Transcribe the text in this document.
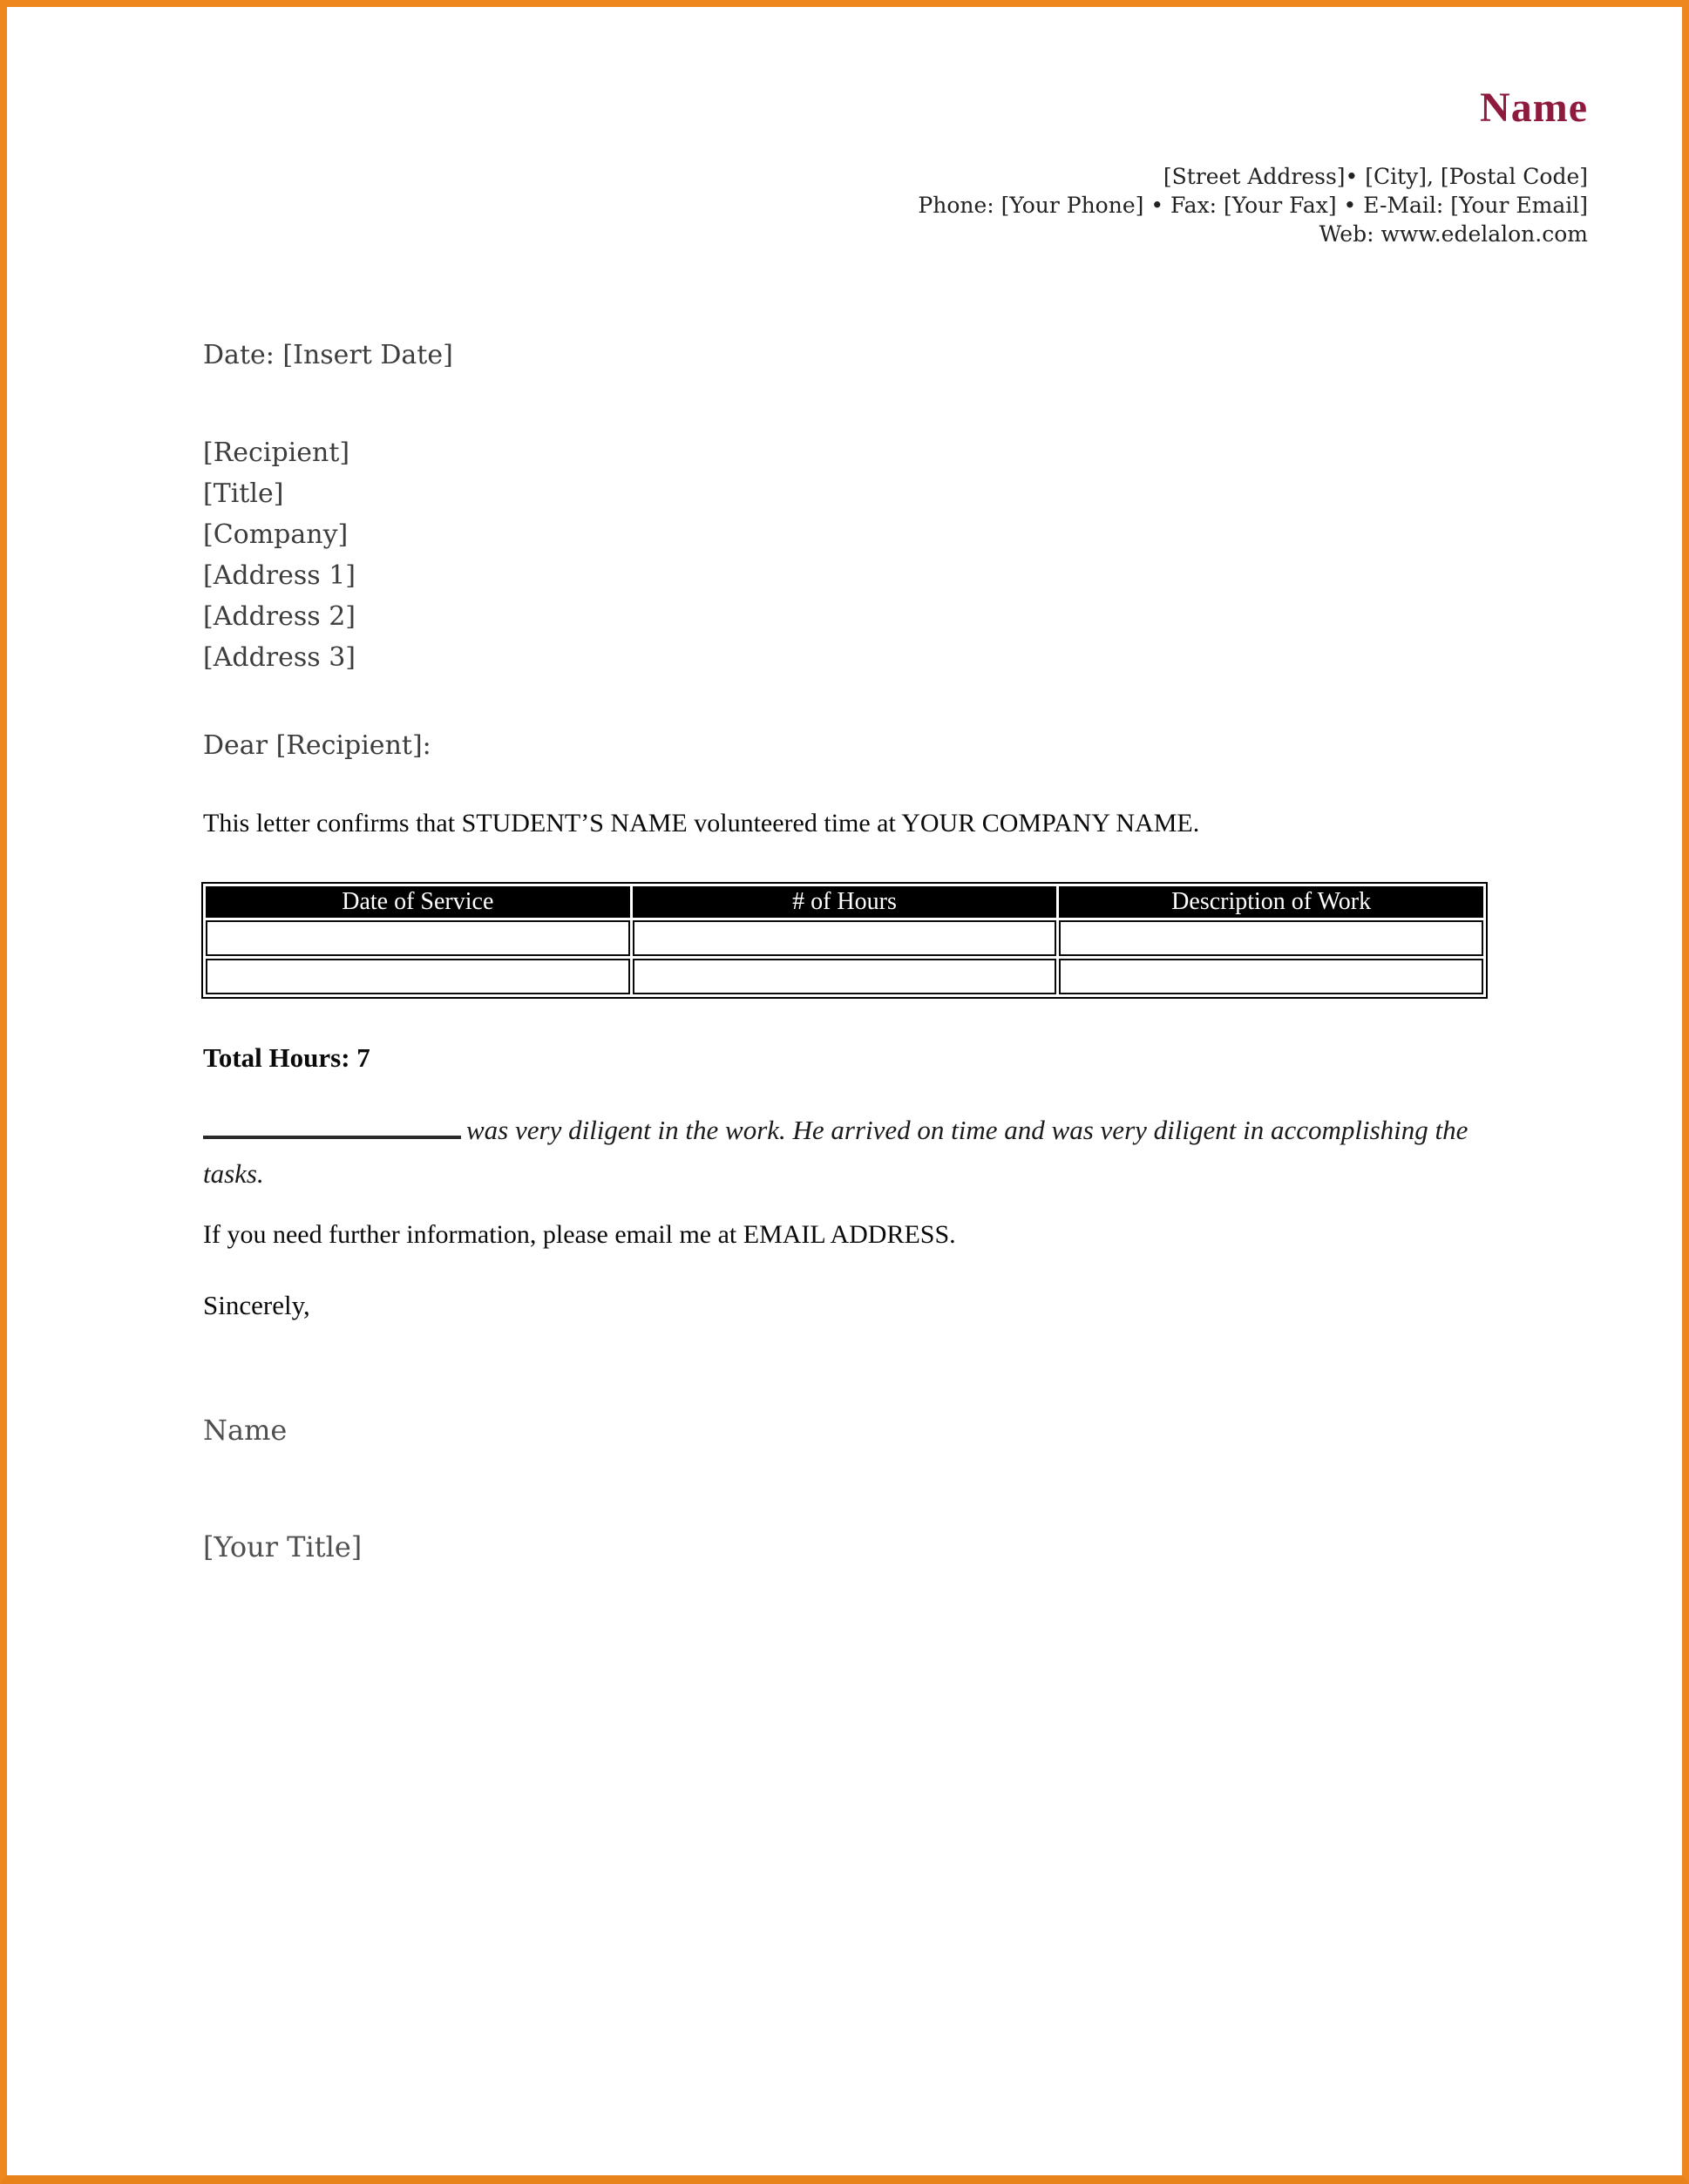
Name
[Street Address]• [City], [Postal Code]
Phone: [Your Phone] • Fax: [Your Fax] • E-Mail: [Your Email]
Web: www.edelalon.com
Date: [Insert Date]
[Recipient]
[Title]
[Company]
[Address 1]
[Address 2]
[Address 3]
Dear [Recipient]:
This letter confirms that STUDENT’S NAME volunteered time at YOUR COMPANY NAME.
Date of Service	# of Hours	Description of Work

Total Hours: 7
was very diligent in the work. He arrived on time and was very diligent in accomplishing the tasks.
If you need further information, please email me at EMAIL ADDRESS.
Sincerely,
Name
[Your Title]
